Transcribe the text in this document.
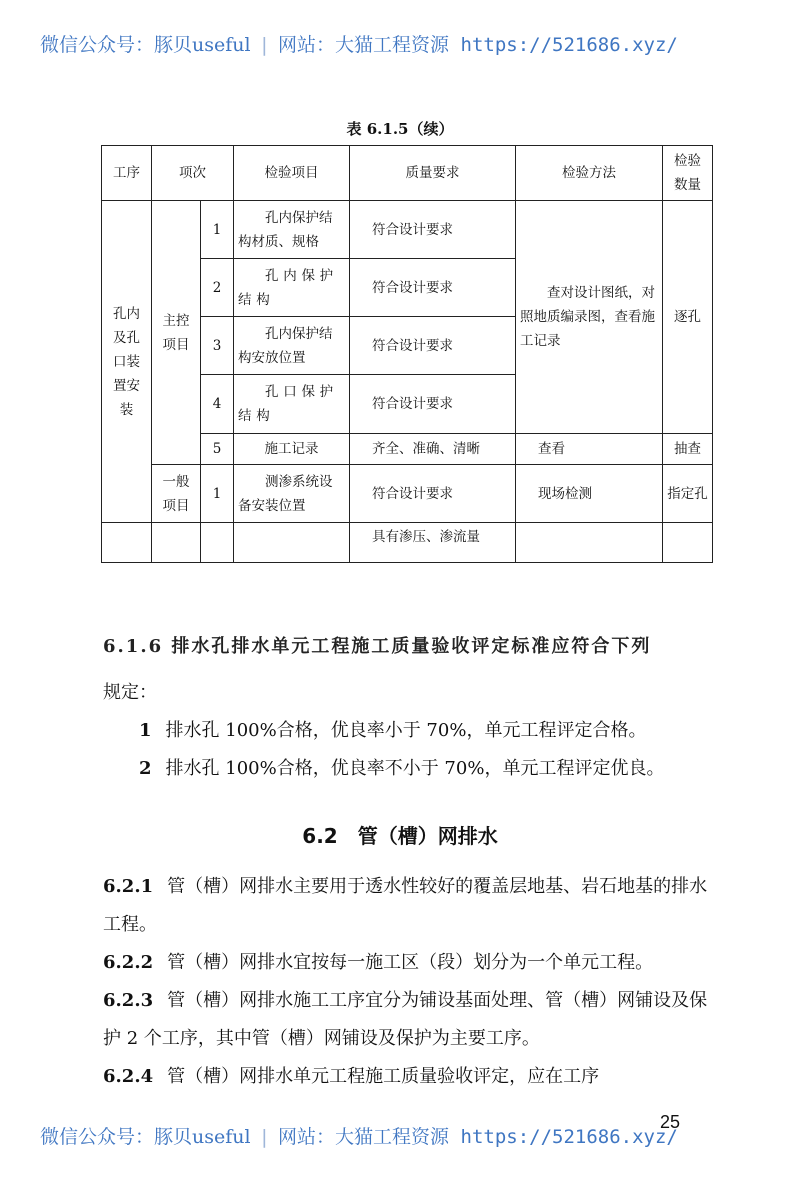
微信公众号：豚贝useful | 网站：大猫工程资源 https://521686.xyz/
表 6.1.5（续）
工序	项次		检验项目	质量要求	检验方法	检验数量
孔内及孔口装置安装	主控项目	1	孔内保护结构材质、规格	符合设计要求	查对设计图纸，对照地质编录图，查看施工记录	逐孔
		2	孔内保护结构	符合设计要求		
		3	孔内保护结构安放位置	符合设计要求		
		4	孔口保护结构	符合设计要求		
		5	施工记录	齐全、准确、清晰	查看	抽查
	一般项目	1	测渗系统设备安装位置	符合设计要求	现场检测	指定孔
				具有渗压、渗流量		
6.1.6 排水孔排水单元工程施工质量验收评定标准应符合下列

规定：

1 排水孔 100%合格，优良率小于 70%，单元工程评定合格。

2 排水孔 100%合格，优良率不小于 70%，单元工程评定优良。

6.2　管（槽）网排水

6.2.1 管（槽）网排水主要用于透水性较好的覆盖层地基、岩石地基的排水工程。

6.2.2 管（槽）网排水宜按每一施工区（段）划分为一个单元工程。

6.2.3 管（槽）网排水施工工序宜分为铺设基面处理、管（槽）网铺设及保护 2 个工序，其中管（槽）网铺设及保护为主要工序。

6.2.4 管（槽）网排水单元工程施工质量验收评定，应在工序

25
微信公众号：豚贝useful | 网站：大猫工程资源 https://521686.xyz/
